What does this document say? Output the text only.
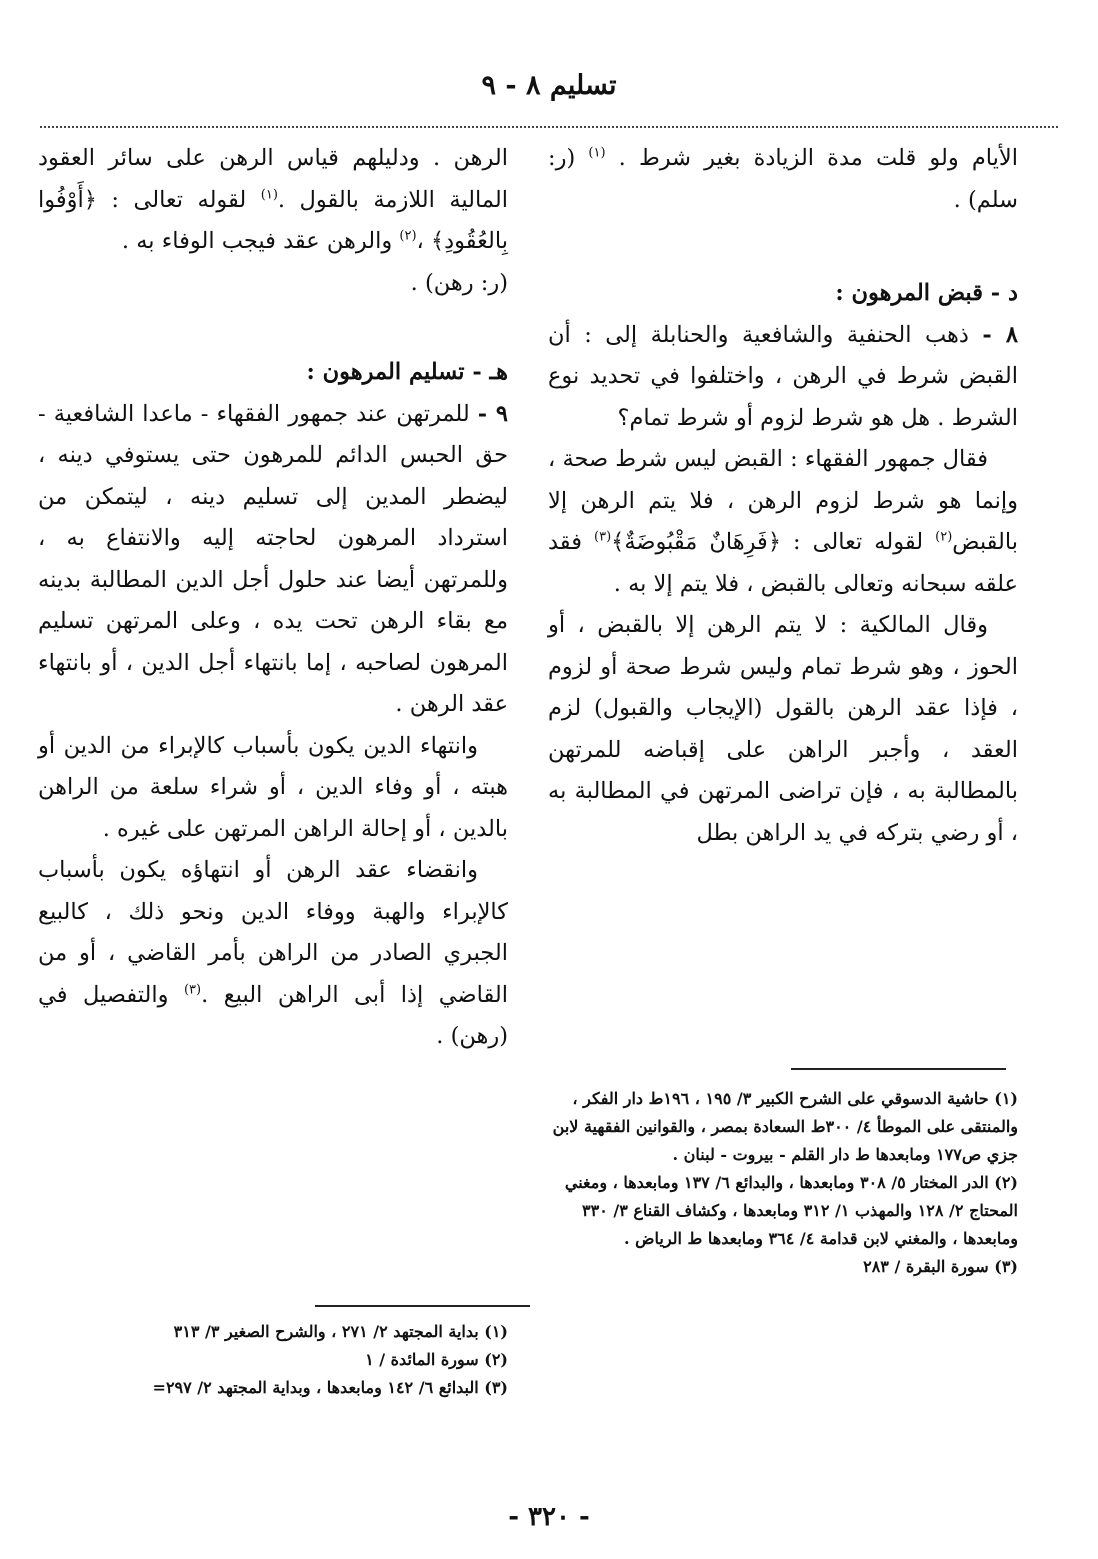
تسليم ٨ - ٩

الأيام ولو قلت مدة الزيادة بغير شرط . $^{(١)}$ (ر: سلم) .

د - قبض المرهون :

٨ - ذهب الحنفية والشافعية والحنابلة إلى : أن القبض شرط في الرهن ، واختلفوا في تحديد نوع الشرط . هل هو شرط لزوم أو شرط تمام؟

فقال جمهور الفقهاء : القبض ليس شرط صحة ، وإنما هو شرط لزوم الرهن ، فلا يتم الرهن إلا بالقبض$^{(٢)}$ لقوله تعالى : ﴿فَرِهَانٌ مَقْبُوضَةٌ﴾$^{(٣)}$ فقد علقه سبحانه وتعالى بالقبض ، فلا يتم إلا به .

وقال المالكية : لا يتم الرهن إلا بالقبض ، أو الحوز ، وهو شرط تمام وليس شرط صحة أو لزوم ، فإذا عقد الرهن بالقول (الإيجاب والقبول) لزم العقد ، وأجبر الراهن على إقباضه للمرتهن بالمطالبة به ، فإن تراضى المرتهن في المطالبة به ، أو رضي بتركه في يد الراهن بطل

(١) حاشية الدسوقي على الشرح الكبير ٣/ ١٩٥ ، ١٩٦ط دار الفكر ، والمنتقى على الموطأ ٤/ ٣٠٠ط السعادة بمصر ، والقوانين الفقهية لابن جزي ص١٧٧ ومابعدها ط دار القلم - بيروت - لبنان .

(٢) الدر المختار ٥/ ٣٠٨ ومابعدها ، والبدائع ٦/ ١٣٧ ومابعدها ، ومغني المحتاج ٢/ ١٢٨ والمهذب ١/ ٣١٢ ومابعدها ، وكشاف القناع ٣/ ٣٣٠ ومابعدها ، والمغني لابن قدامة ٤/ ٣٦٤ ومابعدها ط الرياض .

(٣) سورة البقرة / ٢٨٣

الرهن . ودليلهم قياس الرهن على سائر العقود المالية اللازمة بالقول .$^{(١)}$ لقوله تعالى : ﴿أَوْفُوا بِالعُقُودِ﴾ ،$^{(٢)}$ والرهن عقد فيجب الوفاء به .

(ر: رهن) .

هـ - تسليم المرهون :

٩ - للمرتهن عند جمهور الفقهاء - ماعدا الشافعية - حق الحبس الدائم للمرهون حتى يستوفي دينه ، ليضطر المدين إلى تسليم دينه ، ليتمكن من استرداد المرهون لحاجته إليه والانتفاع به ، وللمرتهن أيضا عند حلول أجل الدين المطالبة بدينه مع بقاء الرهن تحت يده ، وعلى المرتهن تسليم المرهون لصاحبه ، إما بانتهاء أجل الدين ، أو بانتهاء عقد الرهن .

وانتهاء الدين يكون بأسباب كالإبراء من الدين أو هبته ، أو وفاء الدين ، أو شراء سلعة من الراهن بالدين ، أو إحالة الراهن المرتهن على غيره .

وانقضاء عقد الرهن أو انتهاؤه يكون بأسباب كالإبراء والهبة ووفاء الدين ونحو ذلك ، كالبيع الجبري الصادر من الراهن بأمر القاضي ، أو من القاضي إذا أبى الراهن البيع .$^{(٣)}$ والتفصيل في (رهن) .

(١) بداية المجتهد ٢/ ٢٧١ ، والشرح الصغير ٣/ ٣١٣

(٢) سورة المائدة / ١

(٣) البدائع ٦/ ١٤٢ ومابعدها ، وبداية المجتهد ٢/ ٢٩٧=

- ٣٢٠ -
